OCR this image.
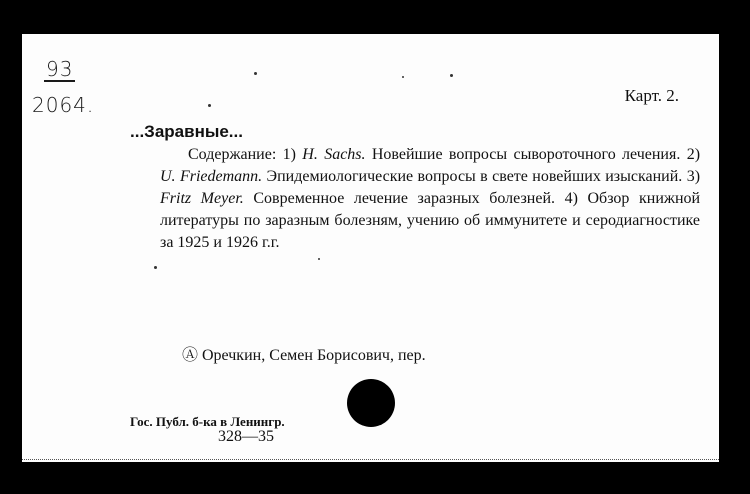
93
2064.	Карт. 2.
...Заравные...
Содержание: 1) H. Sachs. Новейшие вопросы сывороточного лечения. 2) U. Friedemann. Эпидемиологические вопросы в свете новейших изысканий. 3) Fritz Meyer. Современное лечение заразных болезней. 4) Обзор книжной литературы по заразным болезням, учению об иммунитете и серодиагностике за 1925 и 1926 г.г.
Ⓐ Оречкин, Семен Борисович, пер.
Гос. Публ. б-ка в Ленингр.
328—35
